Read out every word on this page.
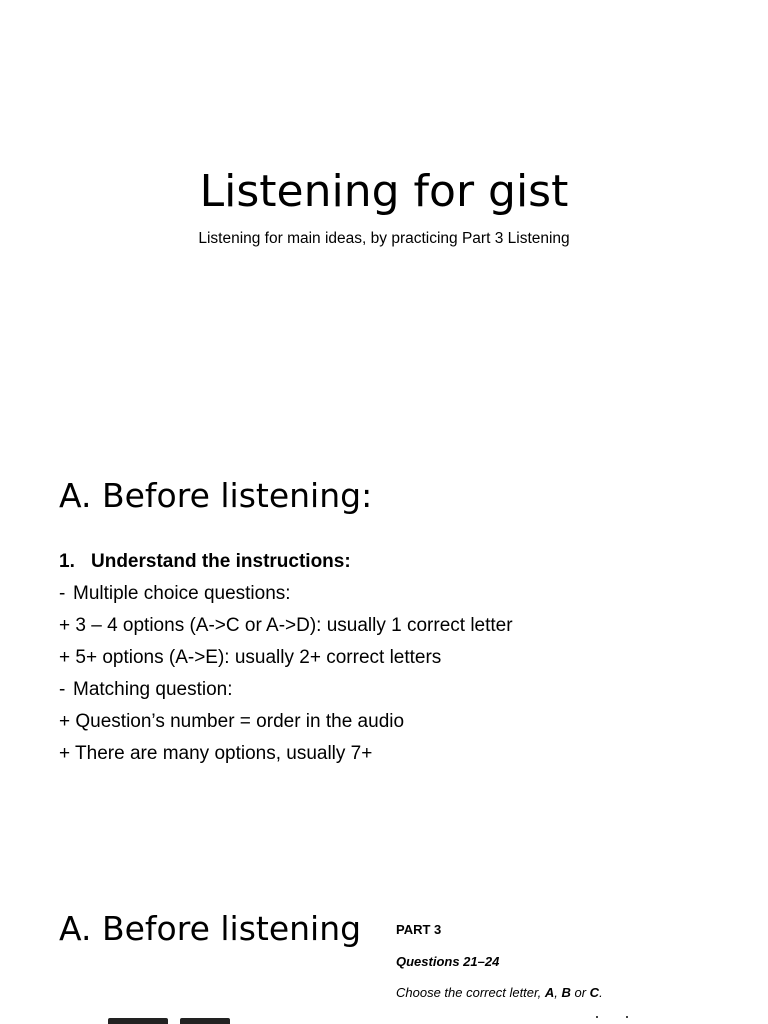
Listening for gist
Listening for main ideas, by practicing Part 3 Listening
A. Before listening:
1. Understand the instructions:
- Multiple choice questions:
+ 3 – 4 options (A->C or A->D): usually 1 correct letter
+ 5+ options (A->E): usually 2+ correct letters
- Matching question:
+ Question’s number = order in the audio
+ There are many options, usually 7+
A. Before listening	PART 3
Questions 21–24
Choose the correct letter, A, B or C.
